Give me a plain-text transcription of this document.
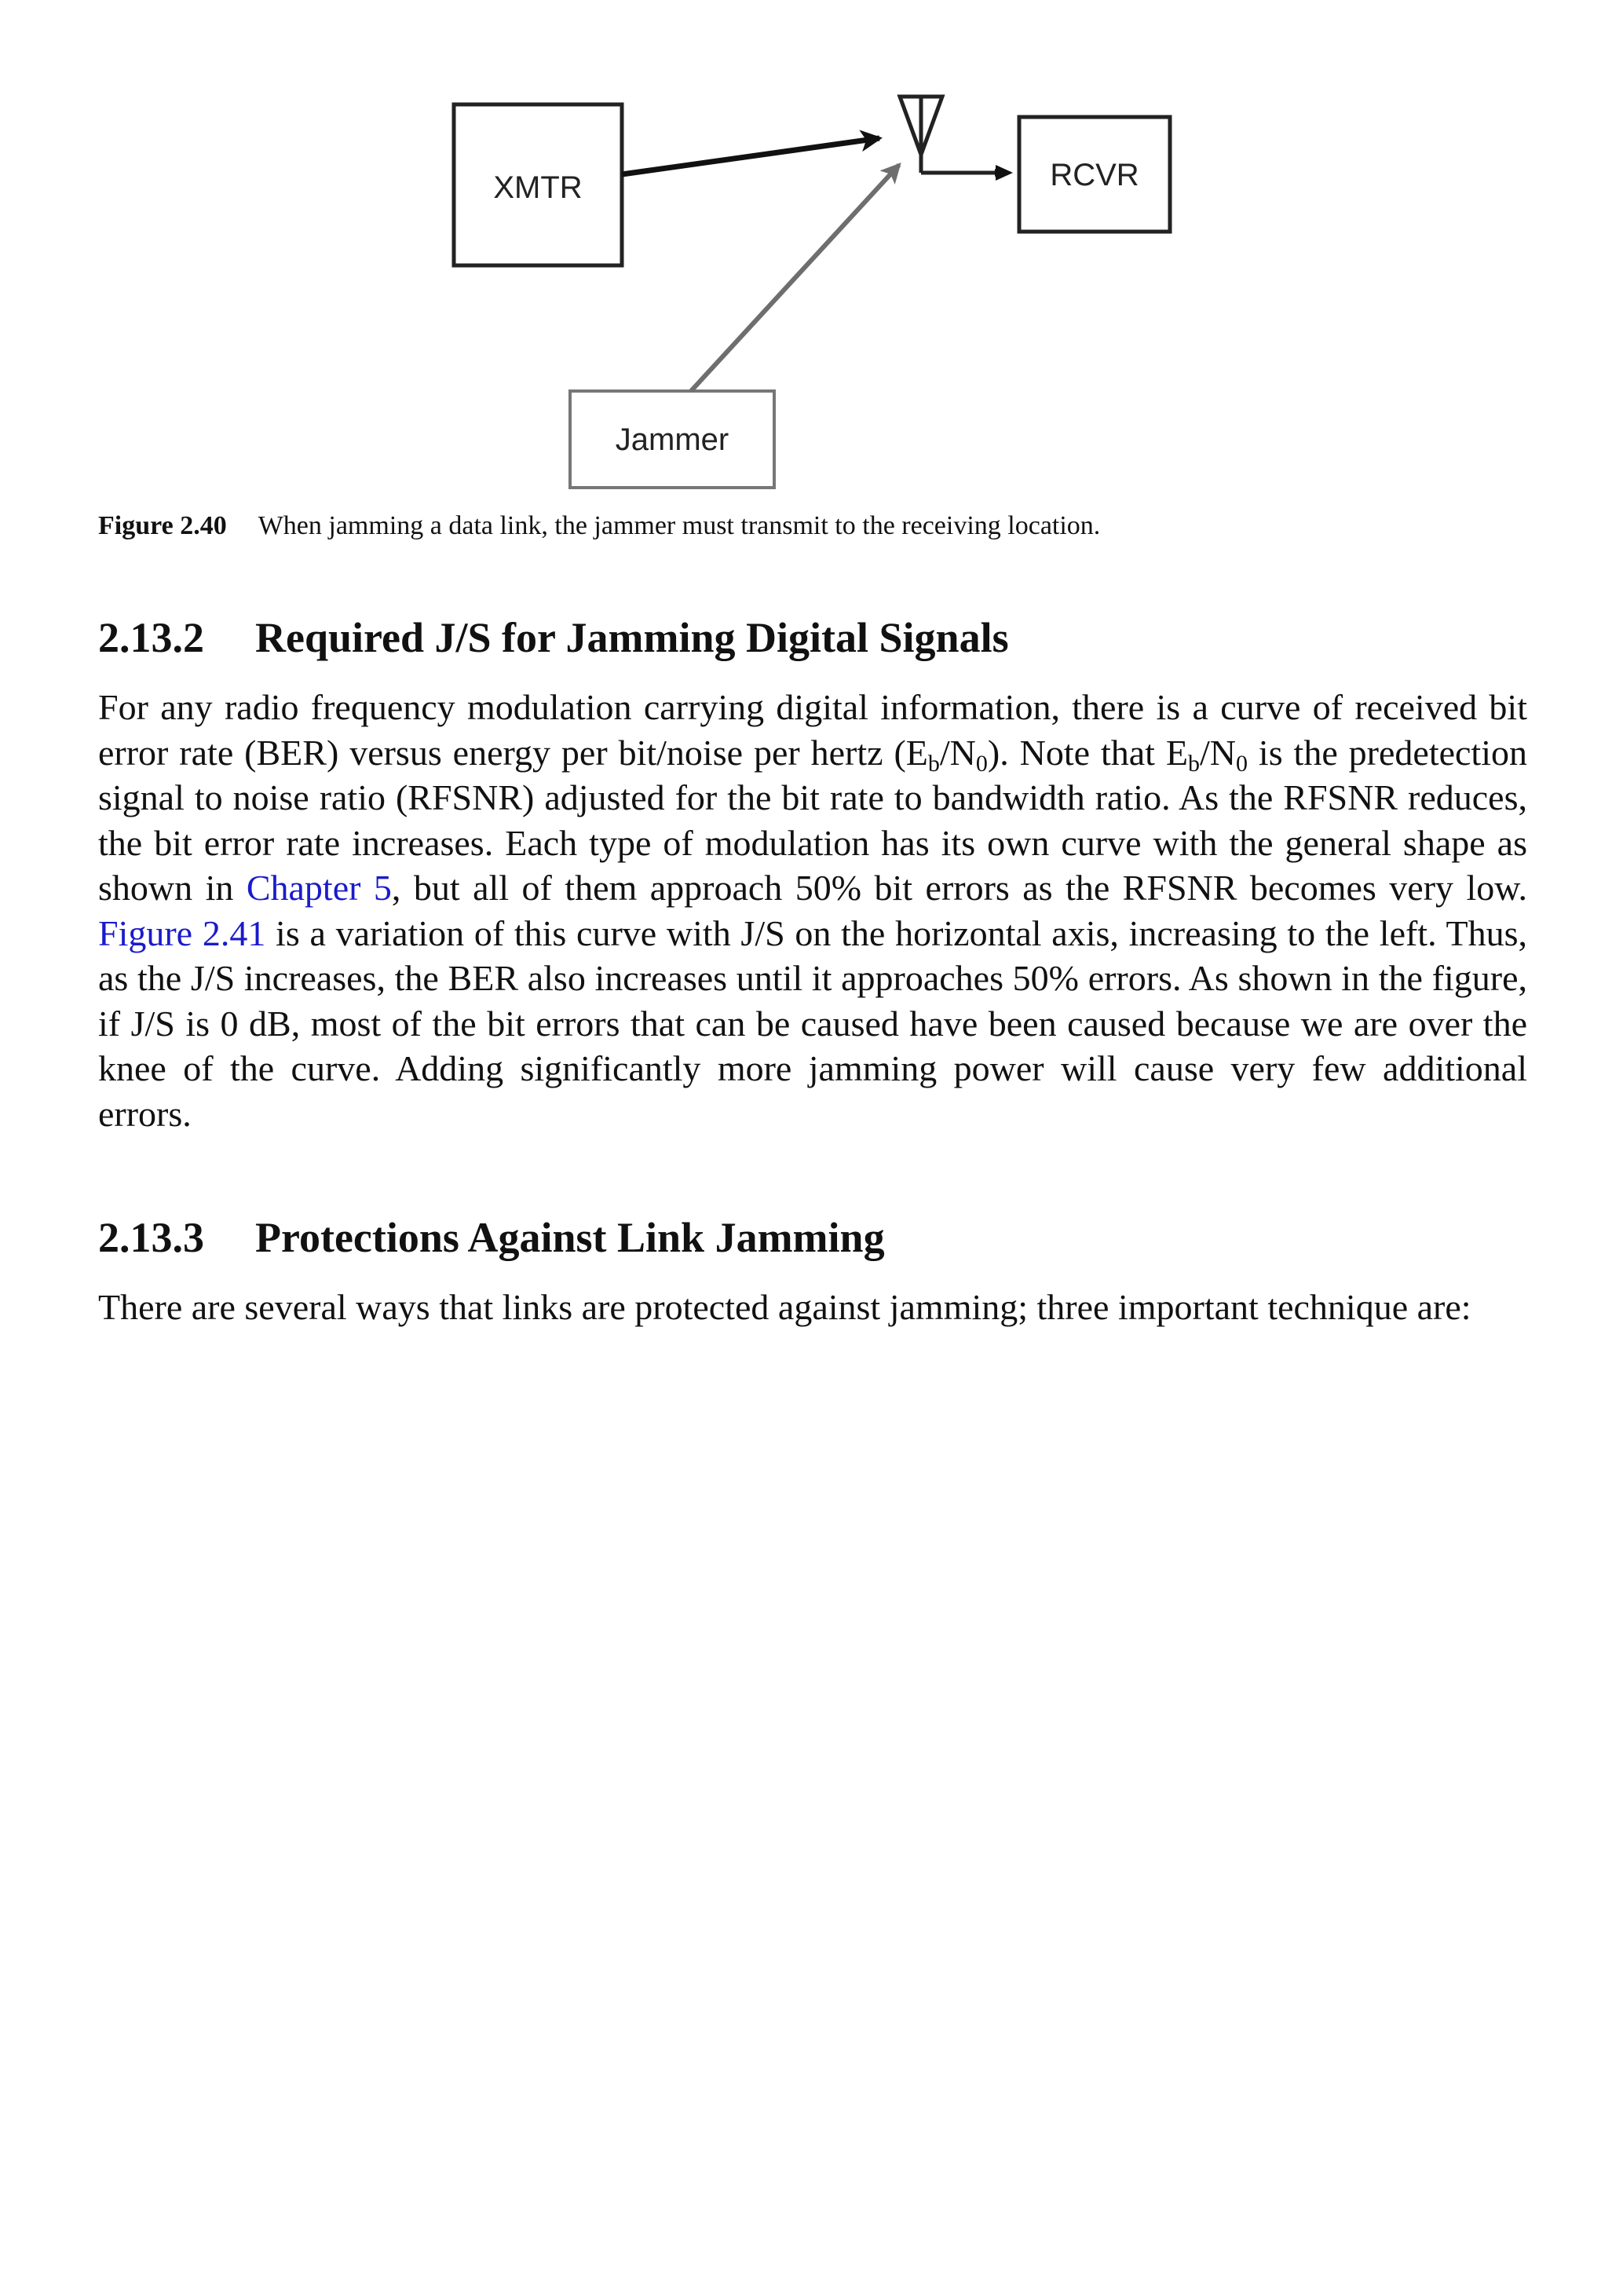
XMTR	RCVR
Jammer
Figure 2.40 When jamming a data link, the jammer must transmit to the receiving location.
2.13.2 Required J/S for Jamming Digital Signals

For any radio frequency modulation carrying digital information, there is a curve of received bit error rate (BER) versus energy per bit/noise per hertz $(E_b/N_0)$. Note that $E_b/N_0$ is the predetection signal to noise ratio (RFSNR) adjusted for the bit rate to bandwidth ratio. As the RFSNR reduces, the bit error rate increases. Each type of modulation has its own curve with the general shape as shown in Chapter 5, but all of them approach 50% bit errors as the RFSNR becomes very low. Figure 2.41 is a variation of this curve with J/S on the horizontal axis, increasing to the left. Thus, as the J/S increases, the BER also increases until it approaches 50% errors. As shown in the figure, if J/S is 0 dB, most of the bit errors that can be caused have been caused because we are over the knee of the curve. Adding significantly more jamming power will cause very few additional errors.

2.13.3 Protections Against Link Jamming

There are several ways that links are protected against jamming; three important technique are:
